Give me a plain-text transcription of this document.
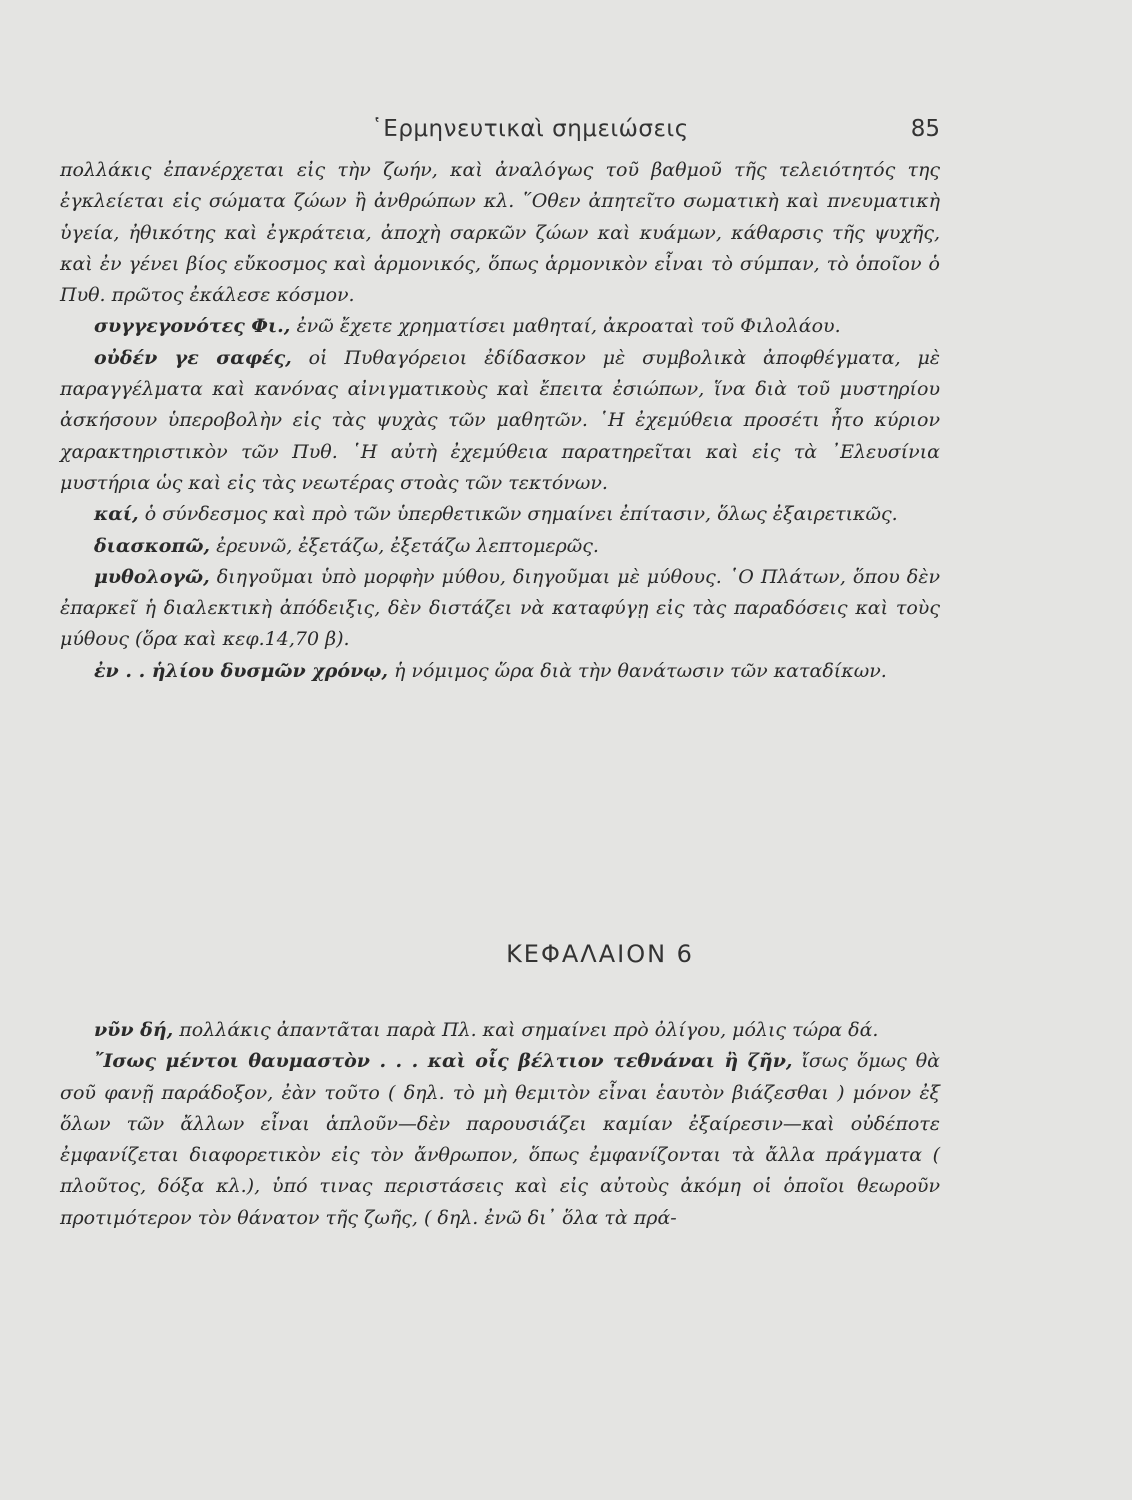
῾Ερμηνευτικαὶ σημειώσεις	85

πολλάκις ἐπανέρχεται εἰς τὴν ζωήν, καὶ ἀναλόγως τοῦ βαθμοῦ τῆς τελειότητός της ἐγκλείεται εἰς σώματα ζώων ἢ ἀνθρώπων κλ. ῞Οθεν ἀπητεῖτο σωματικὴ καὶ πνευματικὴ ὑγεία, ἠθικότης καὶ ἐγκράτεια, ἀποχὴ σαρκῶν ζώων καὶ κυάμων, κάθαρσις τῆς ψυχῆς, καὶ ἐν γένει βίος εὔκοσμος καὶ ἁρμονικός, ὅπως ἁρμονικὸν εἶναι τὸ σύμπαν, τὸ ὁποῖον ὁ Πυθ. πρῶτος ἐκάλεσε κόσμον.

συγγεγονότες Φι., ἐνῶ ἔχετε χρηματίσει μαθηταί, ἀκροαταὶ τοῦ Φιλολάου.

οὐδέν γε σαφές, οἱ Πυθαγόρειοι ἐδίδασκον μὲ συμβολικὰ ἀποφθέγματα, μὲ παραγγέλματα καὶ κανόνας αἰνιγματικοὺς καὶ ἔπειτα ἐσιώπων, ἵνα διὰ τοῦ μυστηρίου ἀσκήσουν ὑπεροβολὴν εἰς τὰς ψυχὰς τῶν μαθητῶν. ῾Η ἐχεμύθεια προσέτι ἦτο κύριον χαρακτηριστικὸν τῶν Πυθ. ῾Η αὐτὴ ἐχεμύθεια παρατηρεῖται καὶ εἰς τὰ ᾿Ελευσίνια μυστήρια ὡς καὶ εἰς τὰς νεωτέρας στοὰς τῶν τεκτόνων.

καί, ὁ σύνδεσμος καὶ πρὸ τῶν ὑπερθετικῶν σημαίνει ἐπίτασιν, ὅλως ἐξαιρετικῶς.

διασκοπῶ, ἐρευνῶ, ἐξετάζω, ἐξετάζω λεπτομερῶς.

μυθολογῶ, διηγοῦμαι ὑπὸ μορφὴν μύθου, διηγοῦμαι μὲ μύθους. ῾Ο Πλάτων, ὅπου δὲν ἐπαρκεῖ ἡ διαλεκτικὴ ἀπόδειξις, δὲν διστάζει νὰ καταφύγῃ εἰς τὰς παραδόσεις καὶ τοὺς μύθους (ὅρα καὶ κεφ.14,70 β).

ἐν . . ἡλίου δυσμῶν χρόνῳ, ἡ νόμιμος ὥρα διὰ τὴν θανάτωσιν τῶν καταδίκων.

ΚΕΦΑΛΑΙΟΝ 6

νῦν δή, πολλάκις ἀπαντᾶται παρὰ Πλ. καὶ σημαίνει πρὸ ὀλίγου, μόλις τώρα δά.

῎Ισως μέντοι θαυμαστὸν . . . καὶ οἷς βέλτιον τεθνάναι ἢ ζῆν, ἴσως ὅμως θὰ σοῦ φανῇ παράδοξον, ἐὰν τοῦτο ( δηλ. τὸ μὴ θεμιτὸν εἶναι ἑαυτὸν βιάζεσθαι ) μόνον ἐξ ὅλων τῶν ἄλλων εἶναι ἁπλοῦν—δὲν παρουσιάζει καμίαν ἐξαίρεσιν—καὶ οὐδέποτε ἐμφανίζεται διαφορετικὸν εἰς τὸν ἄνθρωπον, ὅπως ἐμφανίζονται τὰ ἄλλα πράγματα ( πλοῦτος, δόξα κλ.), ὑπό τινας περιστάσεις καὶ εἰς αὐτοὺς ἀκόμη οἱ ὁποῖοι θεωροῦν προτιμότερον τὸν θάνατον τῆς ζωῆς, ( δηλ. ἐνῶ δι᾿ ὅλα τὰ πρά-
